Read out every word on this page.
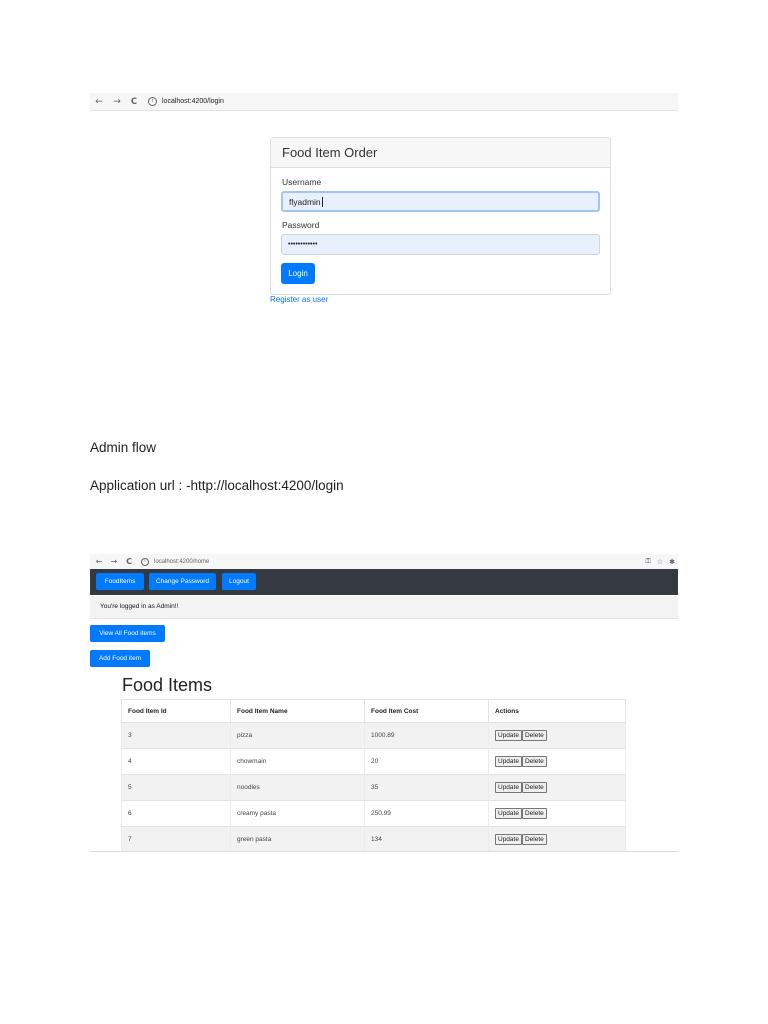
←	→	C	i	localhost:4200/login
Food Item Order
Username
flyadmin
Password
••••••••••••
Login
Register as user
Admin flow
Application url : -http://localhost:4200/login
←	→	C	i	localhost:4200/home	⚿ ☆ ✱
FoodItems	Change Password	Logout
You're logged in as Admin!!
View All Food items
Add Food item
Food Items
Food Item Id	Food Item Name	Food Item Cost	Actions
3	pizza	1000.89	Update Delete
4	chowmain	20	Update Delete
5	noodles	35	Update Delete
6	creamy pasta	250.99	Update Delete
7	green pasta	134	Update Delete
